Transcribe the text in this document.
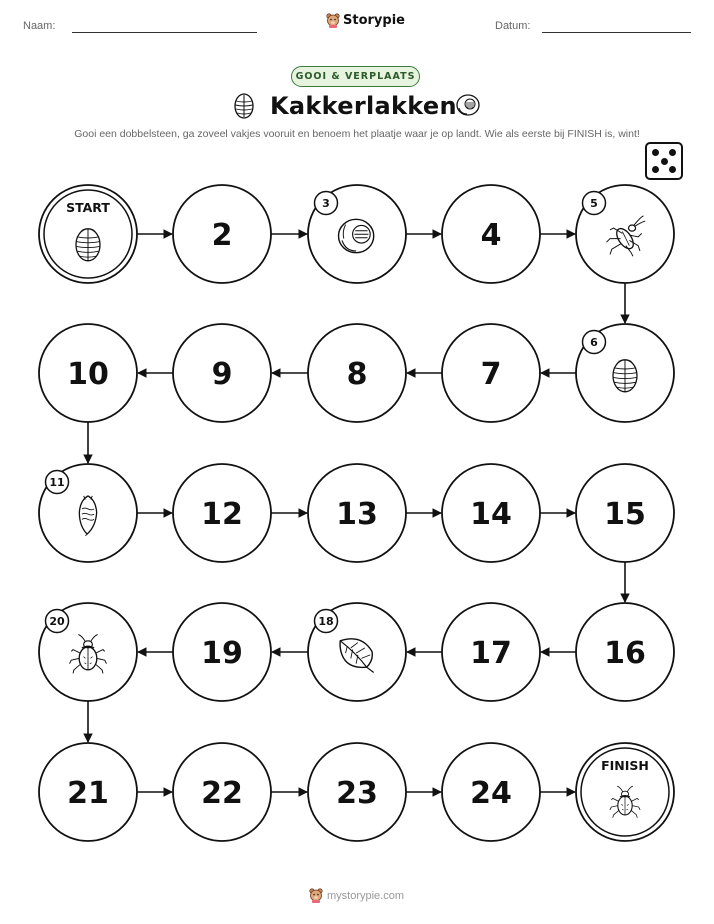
Naam:	Storypie	Datum:
GOOI & VERPLAATS
Kakkerlakken
Gooi een dobbelsteen, ga zoveel vakjes vooruit en benoem het plaatje waar je op landt. Wie als eerste bij FINISH is, wint!
START
2
3
4
5
6
7
8
9
10
11
12	13	14	15
16
17
18
19
20
21	22	23	24
FINISH
mystorypie.com
